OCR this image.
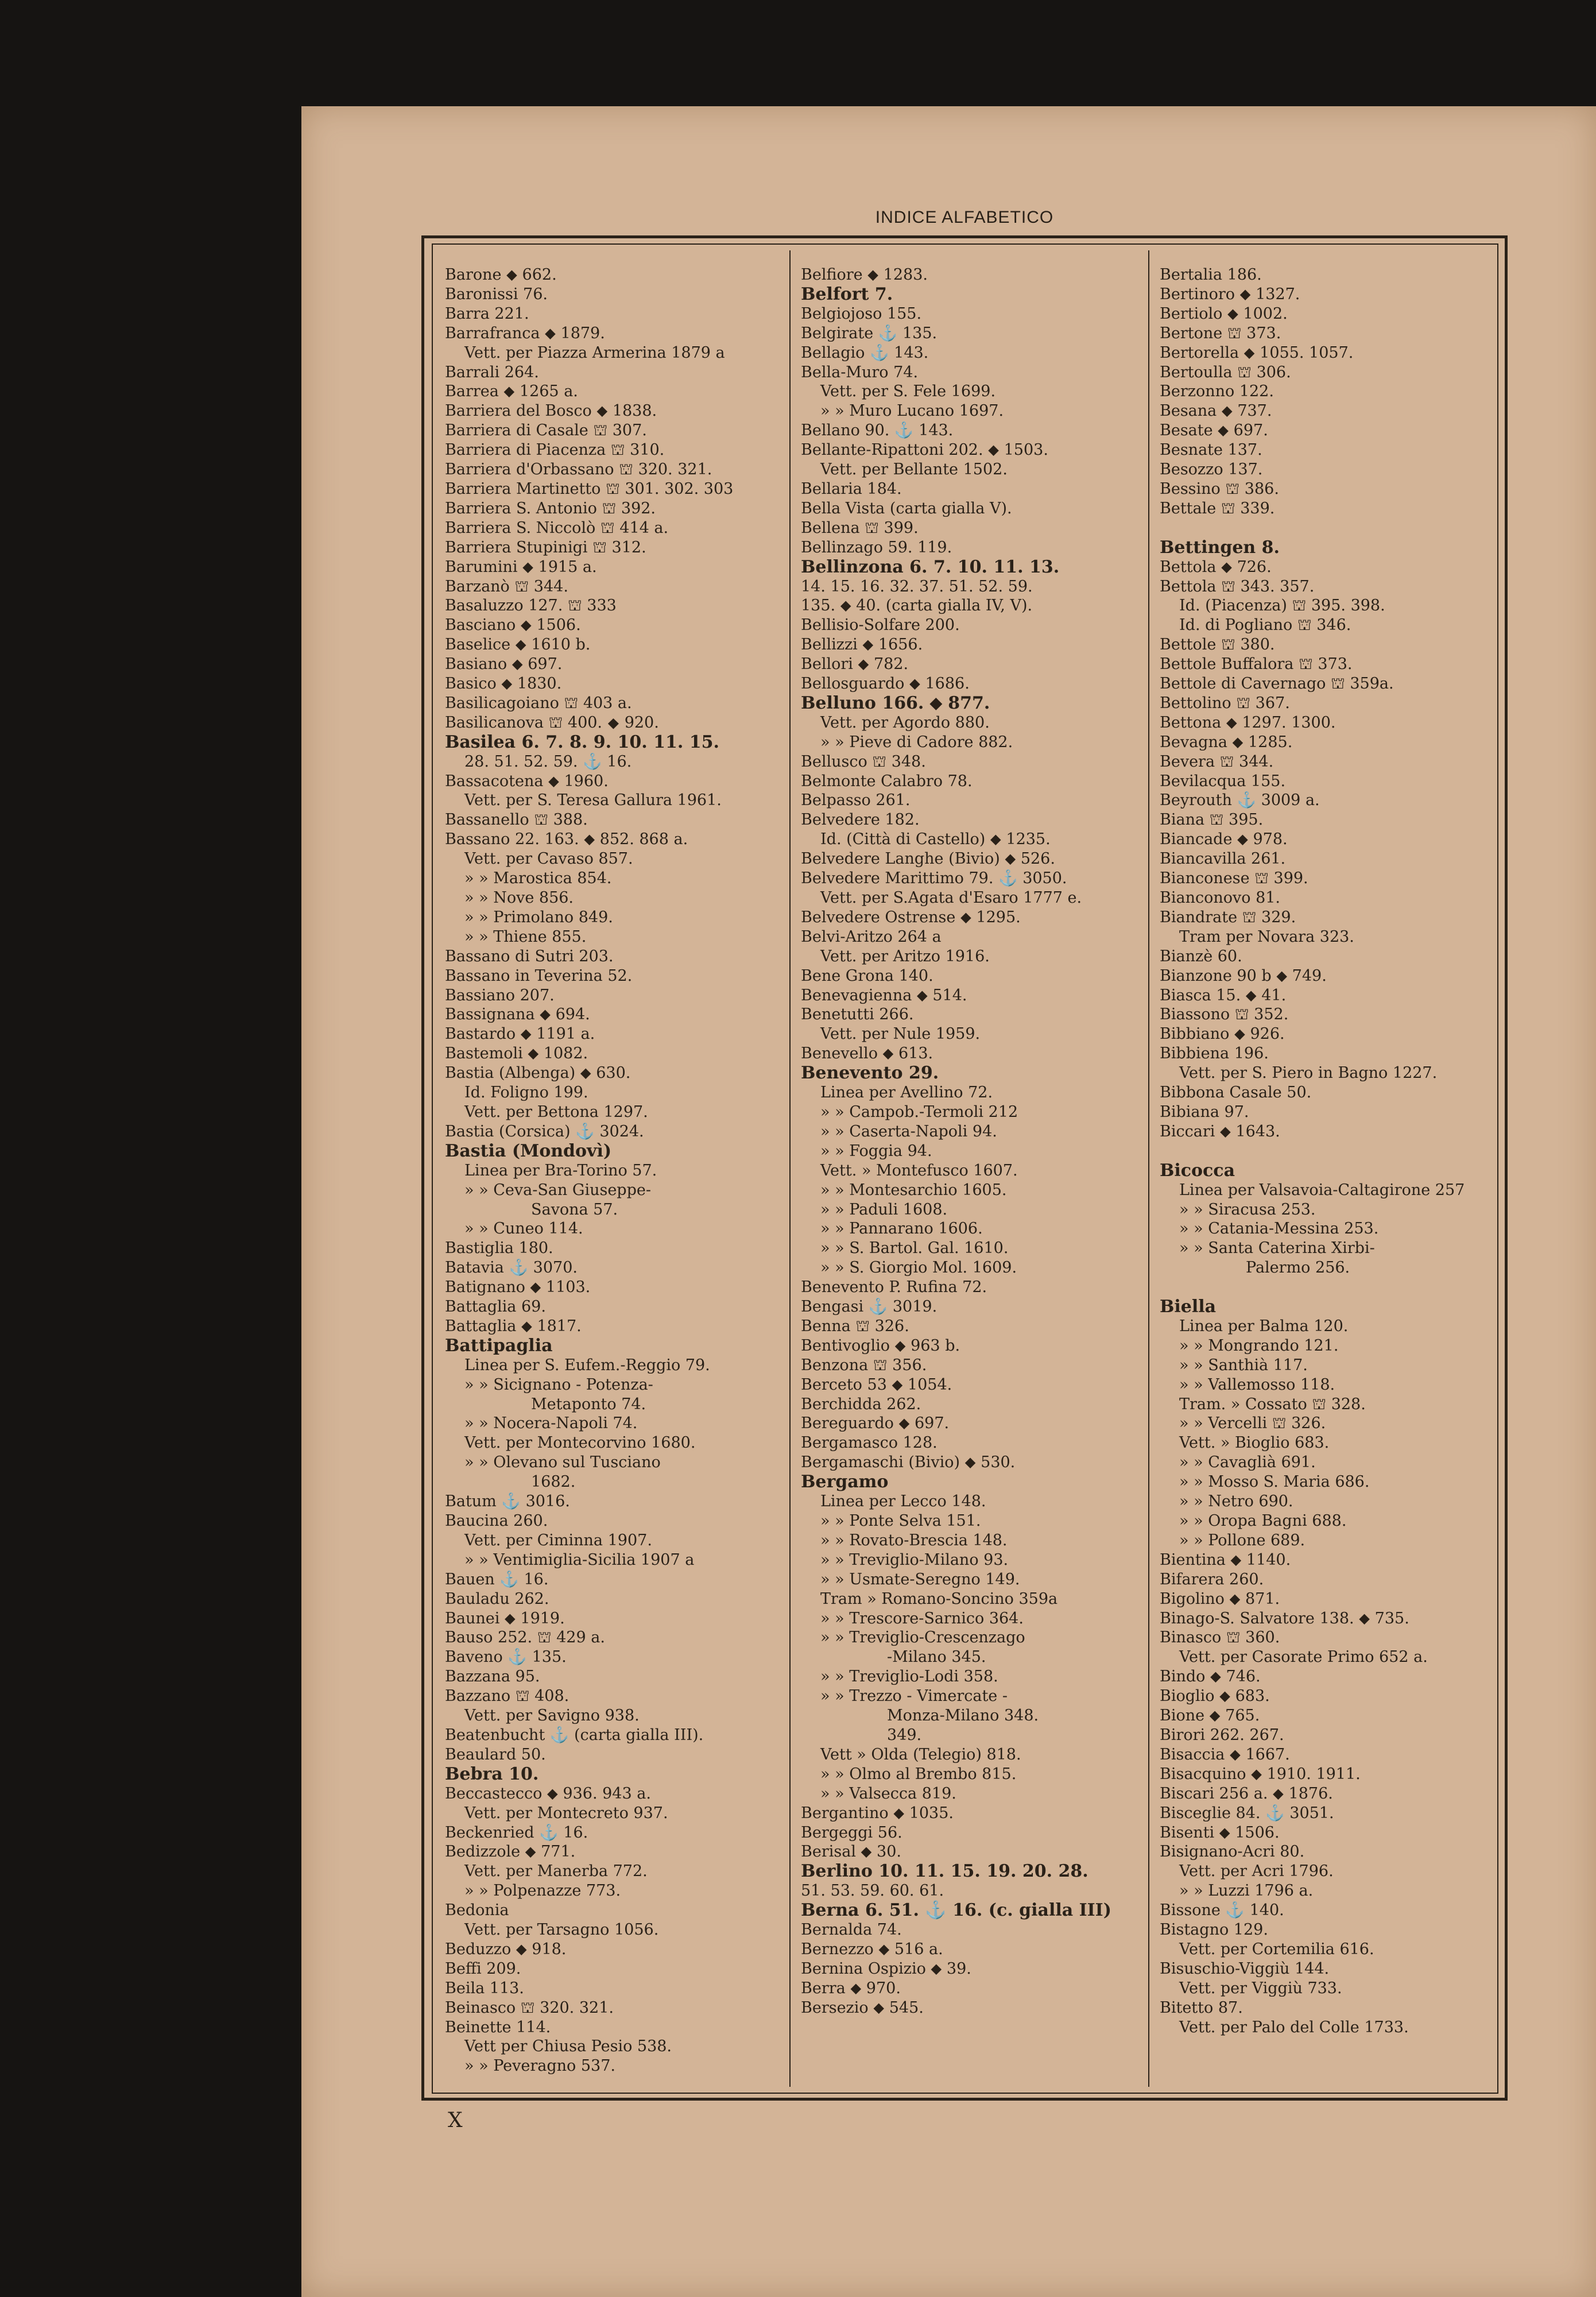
INDICE ALFABETICO
Barone ⬥ 662.
Baronissi 76.
Barra 221.
Barrafranca ⬥ 1879.
Vett. per Piazza Armerina 1879 a
Barrali 264.
Barrea ⬥ 1265 a.
Barriera del Bosco ⬥ 1838.
Barriera di Casale ⛫ 307.
Barriera di Piacenza ⛫ 310.
Barriera d'Orbassano ⛫ 320. 321.
Barriera Martinetto ⛫ 301. 302. 303
Barriera S. Antonio ⛫ 392.
Barriera S. Niccolò ⛫ 414 a.
Barriera Stupinigi ⛫ 312.
Barumini ⬥ 1915 a.
Barzanò ⛫ 344.
Basaluzzo 127. ⛫ 333
Basciano ⬥ 1506.
Baselice ⬥ 1610 b.
Basiano ⬥ 697.
Basico ⬥ 1830.
Basilicagoiano ⛫ 403 a.
Basilicanova ⛫ 400. ⬥ 920.
Basilea 6. 7. 8. 9. 10. 11. 15.
28. 51. 52. 59. ⚓ 16.
Bassacotena ⬥ 1960.
Vett. per S. Teresa Gallura 1961.
Bassanello ⛫ 388.
Bassano 22. 163. ⬥ 852. 868 a.
Vett. per Cavaso 857.
» » Marostica 854.
» » Nove 856.
» » Primolano 849.
» » Thiene 855.
Bassano di Sutri 203.
Bassano in Teverina 52.
Bassiano 207.
Bassignana ⬥ 694.
Bastardo ⬥ 1191 a.
Bastemoli ⬥ 1082.
Bastia (Albenga) ⬥ 630.
Id. Foligno 199.
Vett. per Bettona 1297.
Bastia (Corsica) ⚓ 3024.
Bastia (Mondovì)
Linea per Bra-Torino 57.
» » Ceva-San Giuseppe-
Savona 57.
» » Cuneo 114.
Bastiglia 180.
Batavia ⚓ 3070.
Batignano ⬥ 1103.
Battaglia 69.
Battaglia ⬥ 1817.
Battipaglia
Linea per S. Eufem.-Reggio 79.
» » Sicignano - Potenza-
Metaponto 74.
» » Nocera-Napoli 74.
Vett. per Montecorvino 1680.
» » Olevano sul Tusciano
1682.
Batum ⚓ 3016.
Baucina 260.
Vett. per Ciminna 1907.
» » Ventimiglia-Sicilia 1907 a
Bauen ⚓ 16.
Bauladu 262.
Baunei ⬥ 1919.
Bauso 252. ⛫ 429 a.
Baveno ⚓ 135.
Bazzana 95.
Bazzano ⛫ 408.
Vett. per Savigno 938.
Beatenbucht ⚓ (carta gialla III).
Beaulard 50.
Bebra 10.
Beccastecco ⬥ 936. 943 a.
Vett. per Montecreto 937.
Beckenried ⚓ 16.
Bedizzole ⬥ 771.
Vett. per Manerba 772.
» » Polpenazze 773.
Bedonia
Vett. per Tarsagno 1056.
Beduzzo ⬥ 918.
Beffi 209.
Beila 113.
Beinasco ⛫ 320. 321.
Beinette 114.
Vett per Chiusa Pesio 538.
» » Peveragno 537.
Belfiore ⬥ 1283.
Belfort 7.
Belgiojoso 155.
Belgirate ⚓ 135.
Bellagio ⚓ 143.
Bella-Muro 74.
Vett. per S. Fele 1699.
» » Muro Lucano 1697.
Bellano 90. ⚓ 143.
Bellante-Ripattoni 202. ⬥ 1503.
Vett. per Bellante 1502.
Bellaria 184.
Bella Vista (carta gialla V).
Bellena ⛫ 399.
Bellinzago 59. 119.
Bellinzona 6. 7. 10. 11. 13.
14. 15. 16. 32. 37. 51. 52. 59.
135. ⬥ 40. (carta gialla IV, V).
Bellisio-Solfare 200.
Bellizzi ⬥ 1656.
Bellori ⬥ 782.
Bellosguardo ⬥ 1686.
Belluno 166. ⬥ 877.
Vett. per Agordo 880.
» » Pieve di Cadore 882.
Bellusco ⛫ 348.
Belmonte Calabro 78.
Belpasso 261.
Belvedere 182.
Id. (Città di Castello) ⬥ 1235.
Belvedere Langhe (Bivio) ⬥ 526.
Belvedere Marittimo 79. ⚓ 3050.
Vett. per S.Agata d'Esaro 1777 e.
Belvedere Ostrense ⬥ 1295.
Belvi-Aritzo 264 a
Vett. per Aritzo 1916.
Bene Grona 140.
Benevagienna ⬥ 514.
Benetutti 266.
Vett. per Nule 1959.
Benevello ⬥ 613.
Benevento 29.
Linea per Avellino 72.
» » Campob.-Termoli 212
» » Caserta-Napoli 94.
» » Foggia 94.
Vett. » Montefusco 1607.
» » Montesarchio 1605.
» » Paduli 1608.
» » Pannarano 1606.
» » S. Bartol. Gal. 1610.
» » S. Giorgio Mol. 1609.
Benevento P. Rufina 72.
Bengasi ⚓ 3019.
Benna ⛫ 326.
Bentivoglio ⬥ 963 b.
Benzona ⛫ 356.
Berceto 53 ⬥ 1054.
Berchidda 262.
Bereguardo ⬥ 697.
Bergamasco 128.
Bergamaschi (Bivio) ⬥ 530.
Bergamo
Linea per Lecco 148.
» » Ponte Selva 151.
» » Rovato-Brescia 148.
» » Treviglio-Milano 93.
» » Usmate-Seregno 149.
Tram » Romano-Soncino 359a
» » Trescore-Sarnico 364.
» » Treviglio-Crescenzago
-Milano 345.
» » Treviglio-Lodi 358.
» » Trezzo - Vimercate -
Monza-Milano 348.
349.
Vett » Olda (Telegio) 818.
» » Olmo al Brembo 815.
» » Valsecca 819.
Bergantino ⬥ 1035.
Bergeggi 56.
Berisal ⬥ 30.
Berlino 10. 11. 15. 19. 20. 28.
51. 53. 59. 60. 61.
Berna 6. 51. ⚓ 16. (c. gialla III)
Bernalda 74.
Bernezzo ⬥ 516 a.
Bernina Ospizio ⬥ 39.
Berra ⬥ 970.
Bersezio ⬥ 545.
Bertalia 186.
Bertinoro ⬥ 1327.
Bertiolo ⬥ 1002.
Bertone ⛫ 373.
Bertorella ⬥ 1055. 1057.
Bertoulla ⛫ 306.
Berzonno 122.
Besana ⬥ 737.
Besate ⬥ 697.
Besnate 137.
Besozzo 137.
Bessino ⛫ 386.
Bettale ⛫ 339.

Bettingen 8.
Bettola ⬥ 726.
Bettola ⛫ 343. 357.
Id. (Piacenza) ⛫ 395. 398.
Id. di Pogliano ⛫ 346.
Bettole ⛫ 380.
Bettole Buffalora ⛫ 373.
Bettole di Cavernago ⛫ 359a.
Bettolino ⛫ 367.
Bettona ⬥ 1297. 1300.
Bevagna ⬥ 1285.
Bevera ⛫ 344.
Bevilacqua 155.
Beyrouth ⚓ 3009 a.
Biana ⛫ 395.
Biancade ⬥ 978.
Biancavilla 261.
Bianconese ⛫ 399.
Bianconovo 81.
Biandrate ⛫ 329.
Tram per Novara 323.
Bianzè 60.
Bianzone 90 b ⬥ 749.
Biasca 15. ⬥ 41.
Biassono ⛫ 352.
Bibbiano ⬥ 926.
Bibbiena 196.
Vett. per S. Piero in Bagno 1227.
Bibbona Casale 50.
Bibiana 97.
Biccari ⬥ 1643.

Bicocca
Linea per Valsavoia-Caltagirone 257
» » Siracusa 253.
» » Catania-Messina 253.
» » Santa Caterina Xirbi-
Palermo 256.

Biella
Linea per Balma 120.
» » Mongrando 121.
» » Santhià 117.
» » Vallemosso 118.
Tram. » Cossato ⛫ 328.
» » Vercelli ⛫ 326.
Vett. » Bioglio 683.
» » Cavaglià 691.
» » Mosso S. Maria 686.
» » Netro 690.
» » Oropa Bagni 688.
» » Pollone 689.
Bientina ⬥ 1140.
Bifarera 260.
Bigolino ⬥ 871.
Binago-S. Salvatore 138. ⬥ 735.
Binasco ⛫ 360.
Vett. per Casorate Primo 652 a.
Bindo ⬥ 746.
Bioglio ⬥ 683.
Bione ⬥ 765.
Birori 262. 267.
Bisaccia ⬥ 1667.
Bisacquino ⬥ 1910. 1911.
Biscari 256 a. ⬥ 1876.
Bisceglie 84. ⚓ 3051.
Bisenti ⬥ 1506.
Bisignano-Acri 80.
Vett. per Acri 1796.
» » Luzzi 1796 a.
Bissone ⚓ 140.
Bistagno 129.
Vett. per Cortemilia 616.
Bisuschio-Viggiù 144.
Vett. per Viggiù 733.
Bitetto 87.
Vett. per Palo del Colle 1733.
X
